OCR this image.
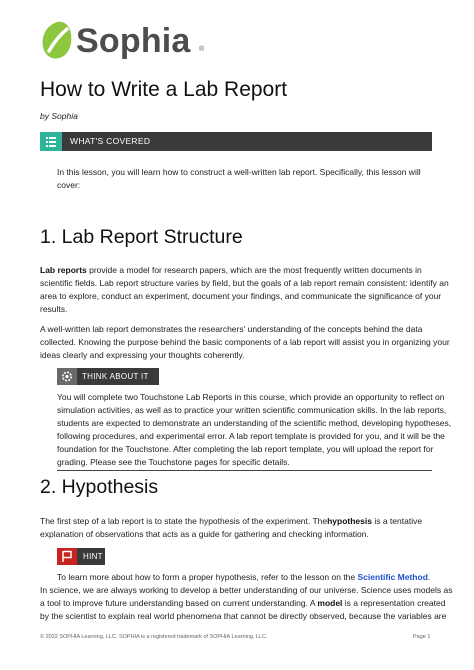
Sophia ®
How to Write a Lab Report
by Sophia
WHAT'S COVERED
In this lesson, you will learn how to construct a well-written lab report. Specifically, this lesson will
cover:
1. Lab Report Structure
Lab reports provide a model for research papers, which are the most frequently written documents in
scientific fields. Lab report structure varies by field, but the goals of a lab report remain consistent: identify an
area to explore, conduct an experiment, document your findings, and communicate the significance of your
results.
A well-written lab report demonstrates the researchers' understanding of the concepts behind the data
collected. Knowing the purpose behind the basic components of a lab report will assist you in organizing your
ideas clearly and expressing your thoughts coherently.
THINK ABOUT IT
You will complete two Touchstone Lab Reports in this course, which provide an opportunity to reflect on
simulation activities, as well as to practice your written scientific communication skills. In the lab reports,
students are expected to demonstrate an understanding of the scientific method, developing hypotheses,
following procedures, and experimental error. A lab report template is provided for you, and it will be the
foundation for the Touchstone. After completing the lab report template, you will upload the report for
grading. Please see the Touchstone pages for specific details.
2. Hypothesis
The first step of a lab report is to state the hypothesis of the experiment. Thehypothesis is a tentative
explanation of observations that acts as a guide for gathering and checking information.
HINT
To learn more about how to form a proper hypothesis, refer to the lesson on the Scientific Method.
In science, we are always working to develop a better understanding of our universe. Science uses models as
a tool to improve future understanding based on current understanding. A model is a representation created
by the scientist to explain real world phenomena that cannot be directly observed, because the variables are
© 2022 SOPHIA Learning, LLC. SOPHIA is a registered trademark of SOPHIA Learning, LLC.	Page 1
